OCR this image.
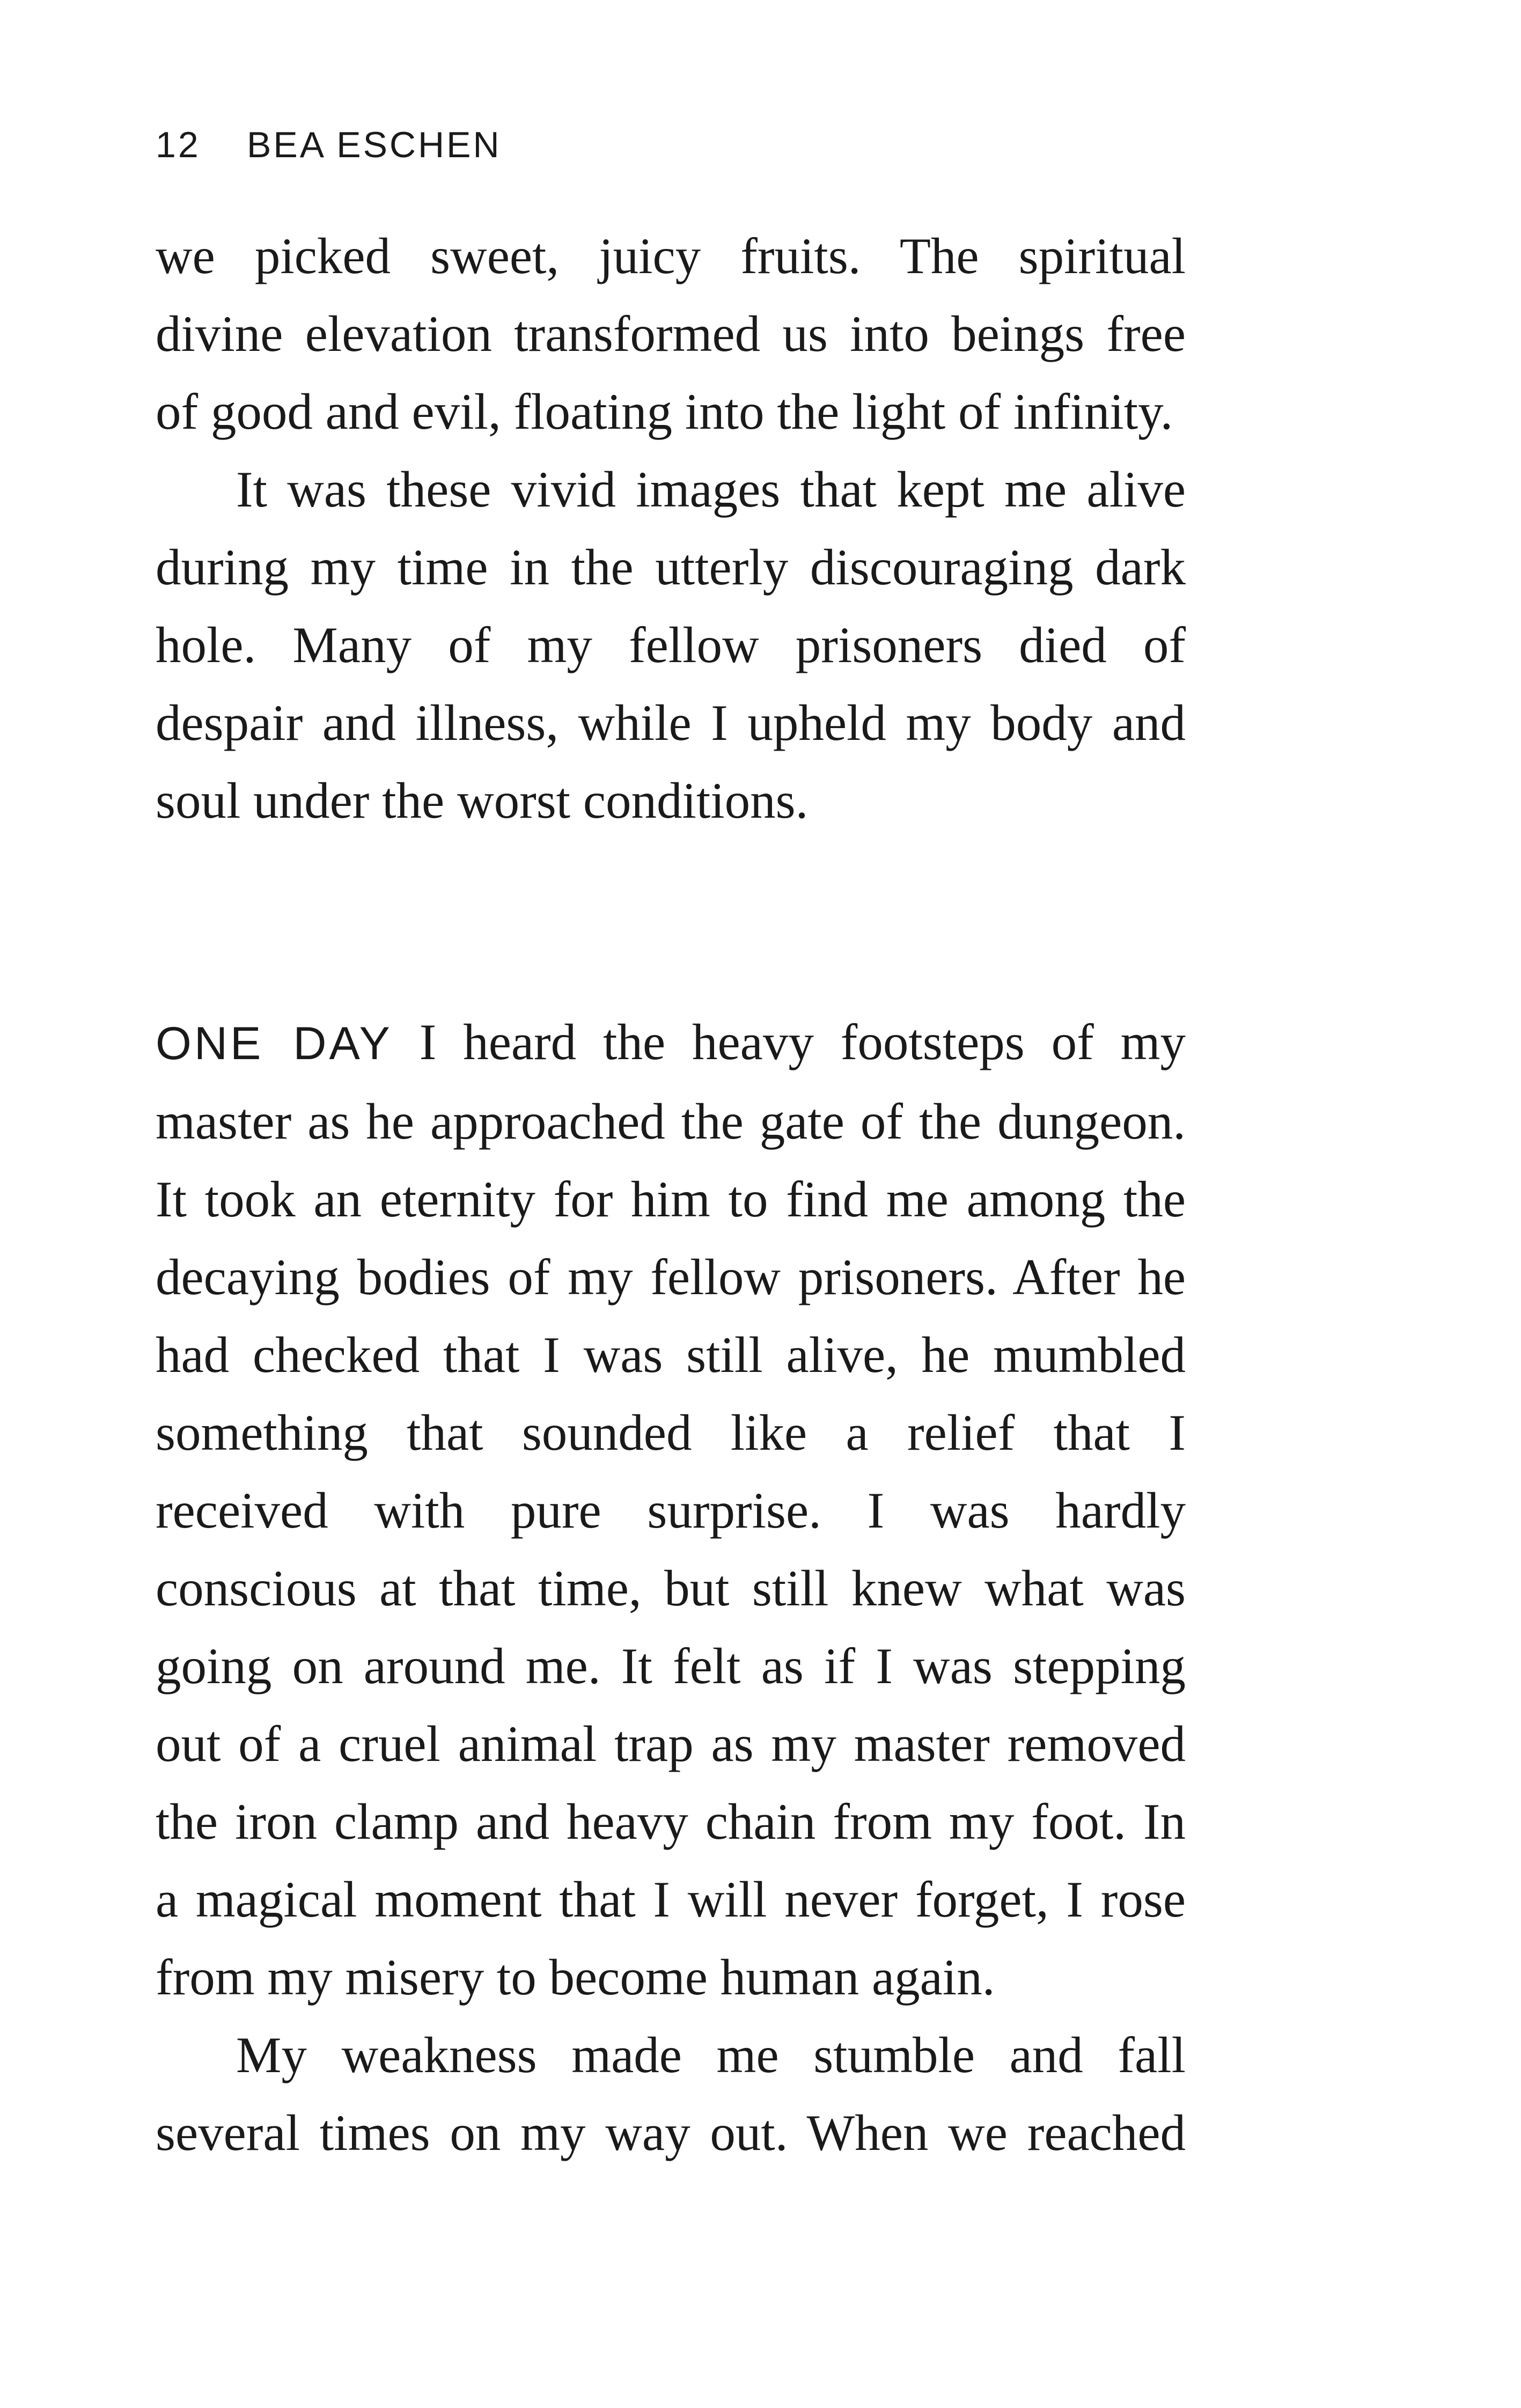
12 BEA ESCHEN

we picked sweet, juicy fruits. The spiritual

divine elevation transformed us into beings free

of good and evil, floating into the light of infinity.

It was these vivid images that kept me alive

during my time in the utterly discouraging dark

hole. Many of my fellow prisoners died of

despair and illness, while I upheld my body and

soul under the worst conditions.

ONE DAY I heard the heavy footsteps of my

master as he approached the gate of the dungeon.

It took an eternity for him to find me among the

decaying bodies of my fellow prisoners. After he

had checked that I was still alive, he mumbled

something that sounded like a relief that I

received with pure surprise. I was hardly

conscious at that time, but still knew what was

going on around me. It felt as if I was stepping

out of a cruel animal trap as my master removed

the iron clamp and heavy chain from my foot. In

a magical moment that I will never forget, I rose

from my misery to become human again.

My weakness made me stumble and fall

several times on my way out. When we reached
